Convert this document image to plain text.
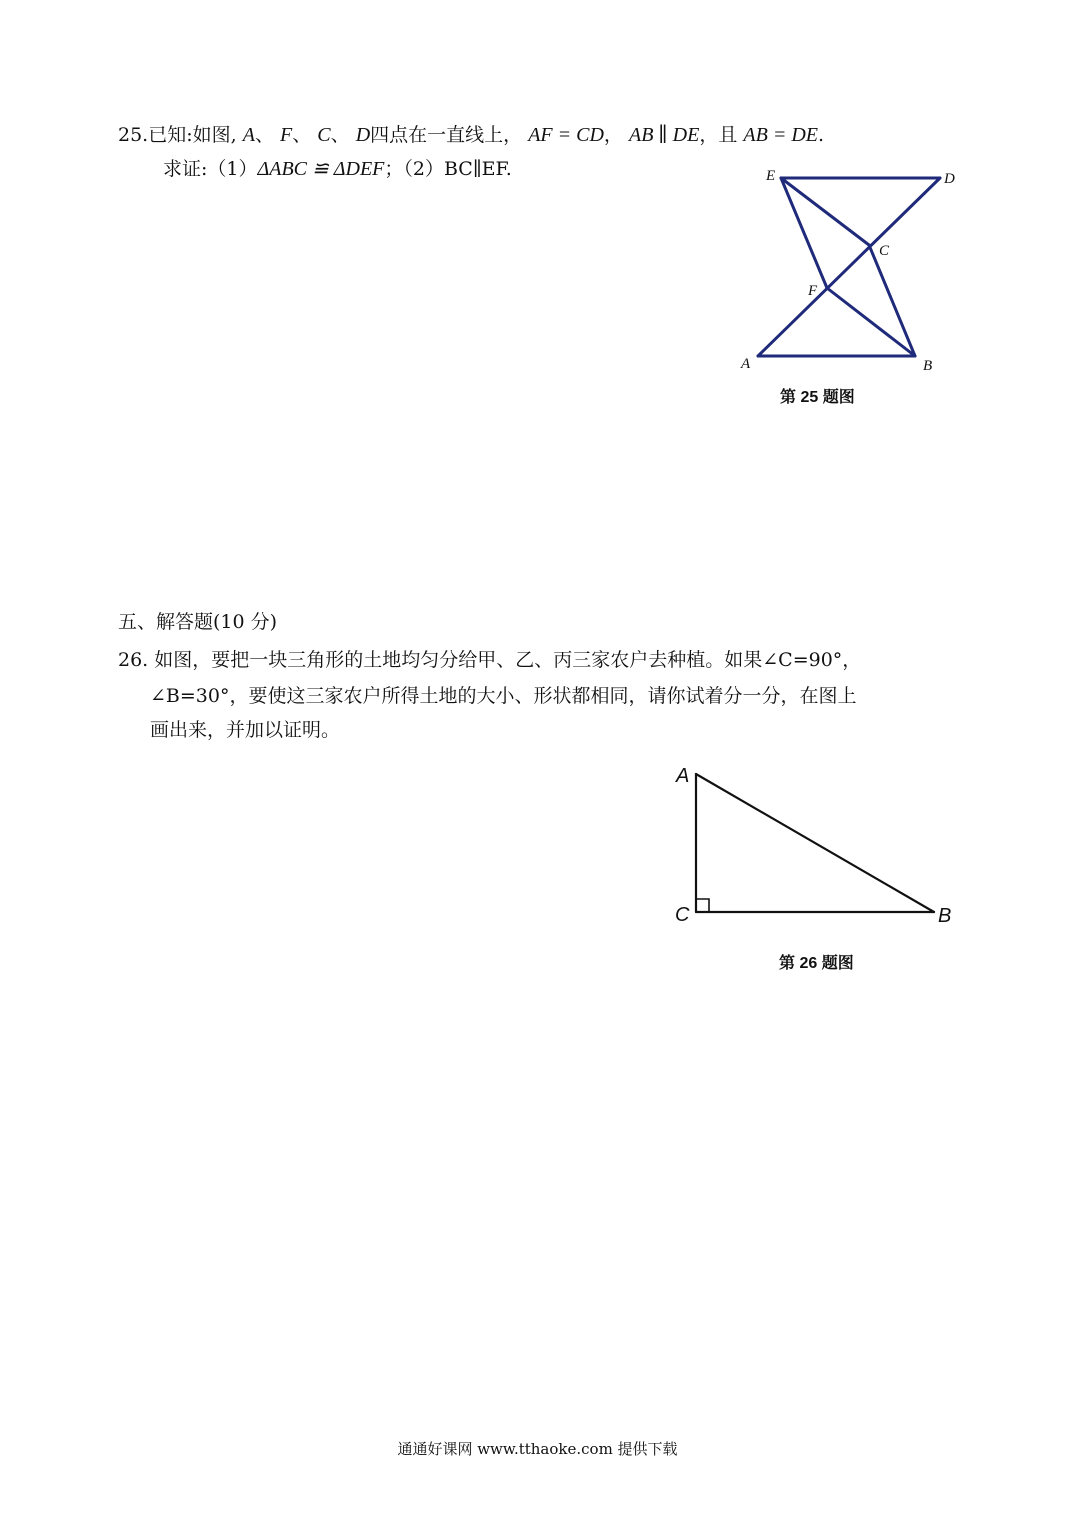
25.已知:如图, A、 F、 C、 D四点在一直线上， AF = CD， AB ∥ DE，且 AB = DE.
求证:（1）ΔABC ≌ ΔDEF；（2）BC∥EF.	E	D
C
F
A	B
A
C	B
第 25 题图
五、解答题(10 分)
26. 如图，要把一块三角形的土地均匀分给甲、乙、丙三家农户去种植。如果∠C=90°，
∠B=30°，要使这三家农户所得土地的大小、形状都相同，请你试着分一分，在图上
画出来，并加以证明。
第 26 题图
通通好课网 www.tthaoke.com 提供下载
